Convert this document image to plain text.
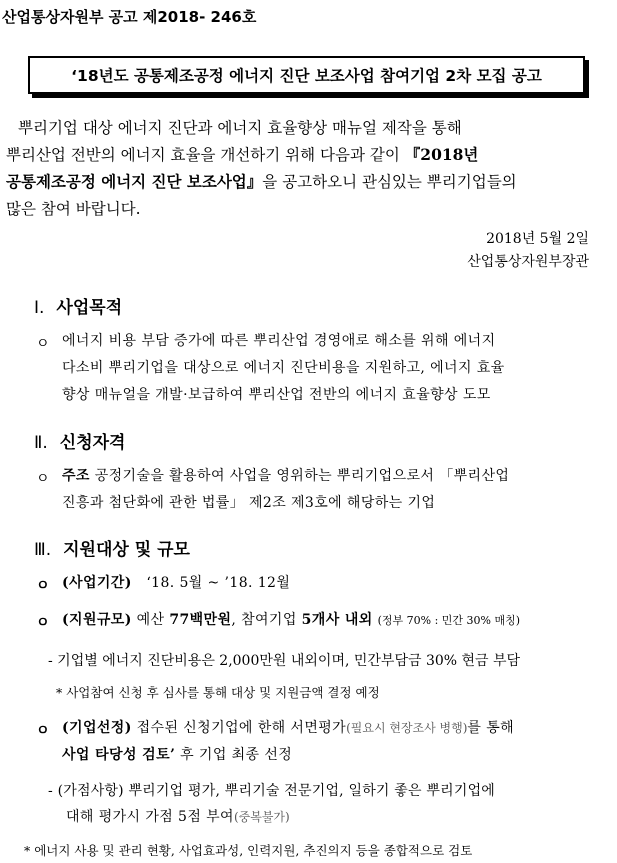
산업통상자원부 공고 제2018- 246호
‘18년도 공통제조공정 에너지 진단 보조사업 참여기업 2차 모집 공고
뿌리기업 대상 에너지 진단과 에너지 효율향상 매뉴얼 제작을 통해
뿌리산업 전반의 에너지 효율을 개선하기 위해 다음과 같이 『2018년
공통제조공정 에너지 진단 보조사업』을 공고하오니 관심있는 뿌리기업들의
많은 참여 바랍니다.
2018년 5월 2일
산업통상자원부장관
Ⅰ. 사업목적
ㅇ 에너지 비용 부담 증가에 따른 뿌리산업 경영애로 해소를 위해 에너지
다소비 뿌리기업을 대상으로 에너지 진단비용을 지원하고, 에너지 효율
향상 매뉴얼을 개발·보급하여 뿌리산업 전반의 에너지 효율향상 도모
Ⅱ. 신청자격
ㅇ 주조 공정기술을 활용하여 사업을 영위하는 뿌리기업으로서 「뿌리산업
진흥과 첨단화에 관한 법률」 제2조 제3호에 해당하는 기업
Ⅲ. 지원대상 및 규모
ㅇ (사업기간) ‘18. 5월 ~ ’18. 12월
ㅇ (지원규모) 예산 77백만원, 참여기업 5개사 내외 (정부 70% : 민간 30% 매칭)
- 기업별 에너지 진단비용은 2,000만원 내외이며, 민간부담금 30% 현금 부담
* 사업참여 신청 후 심사를 통해 대상 및 지원금액 결정 예정
ㅇ (기업선정) 접수된 신청기업에 한해 서면평가(필요시 현장조사 병행)를 통해
사업 타당성 검토’ 후 기업 최종 선정
- (가점사항) 뿌리기업 평가, 뿌리기술 전문기업, 일하기 좋은 뿌리기업에
대해 평가시 가점 5점 부여(중복불가)
* 에너지 사용 및 관리 현황, 사업효과성, 인력지원, 추진의지 등을 종합적으로 검토
